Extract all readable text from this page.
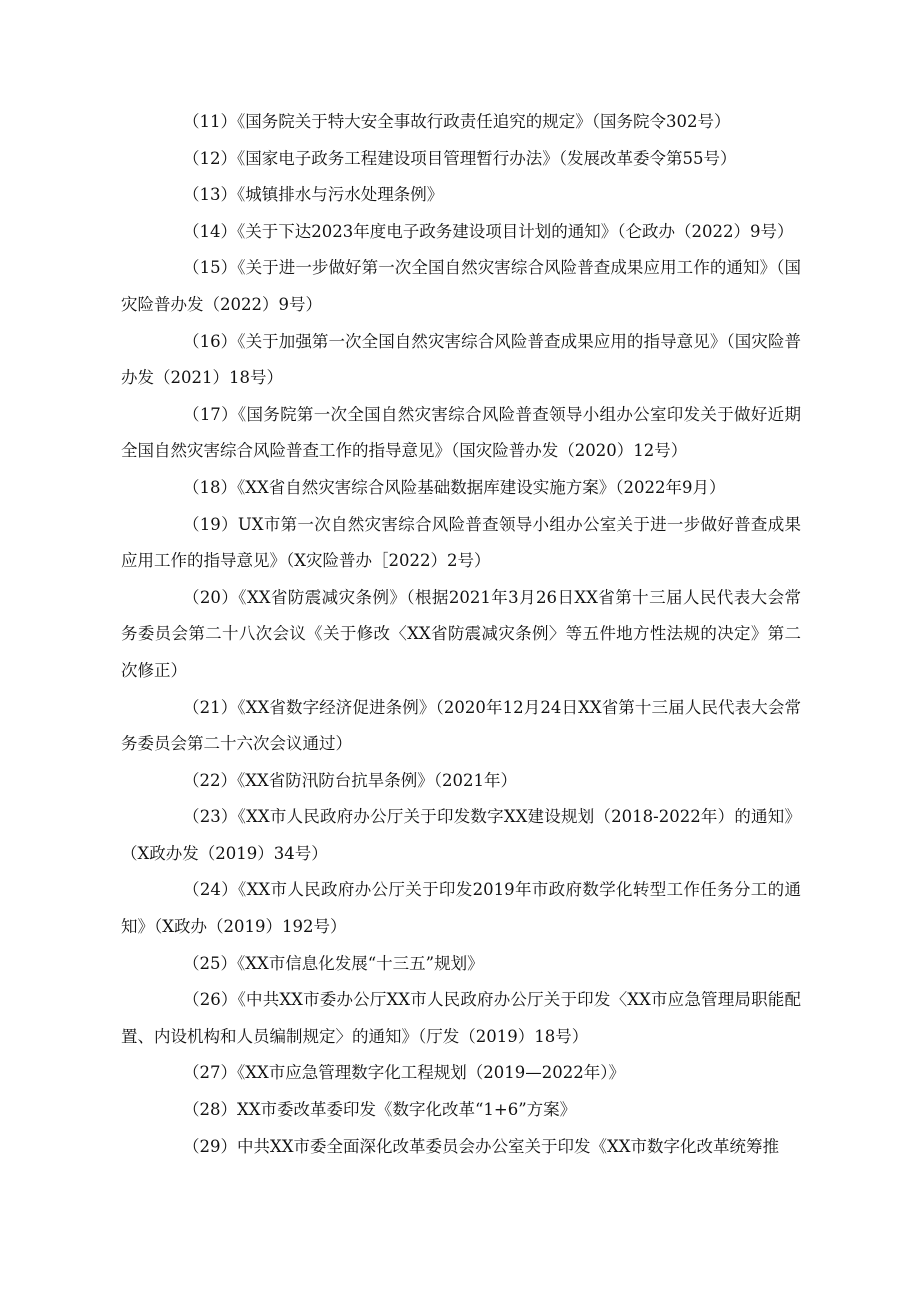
（11）《国务院关于特大安全事故行政责任追究的规定》（国务院令302号）

（12）《国家电子政务工程建设项目管理暂行办法》（发展改革委令第55号）

（13）《城镇排水与污水处理条例》

（14）《关于下达2023年度电子政务建设项目计划的通知》（仑政办（2022）9号）

（15）《关于进一步做好第一次全国自然灾害综合风险普查成果应用工作的通知》（国灾险普办发（2022）9号）

（16）《关于加强第一次全国自然灾害综合风险普查成果应用的指导意见》（国灾险普办发（2021）18号）

（17）《国务院第一次全国自然灾害综合风险普查领导小组办公室印发关于做好近期全国自然灾害综合风险普查工作的指导意见》（国灾险普办发（2020）12号）

（18）《XX省自然灾害综合风险基础数据库建设实施方案》（2022年9月）

（19）UX市第一次自然灾害综合风险普查领导小组办公室关于进一步做好普查成果应用工作的指导意见》（X灾险普办［2022）2号）

（20）《XX省防震减灾条例》（根据2021年3月26日XX省第十三届人民代表大会常务委员会第二十八次会议《关于修改〈XX省防震减灾条例〉等五件地方性法规的决定》第二次修正）

（21）《XX省数字经济促进条例》（2020年12月24日XX省第十三届人民代表大会常务委员会第二十六次会议通过）

（22）《XX省防汛防台抗旱条例》（2021年）

（23）《XX市人民政府办公厅关于印发数字XX建设规划（2018-2022年）的通知》（X政办发（2019）34号）

（24）《XX市人民政府办公厅关于印发2019年市政府数学化转型工作任务分工的通知》（X政办（2019）192号）

（25）《XX市信息化发展“十三五”规划》

（26）《中共XX市委办公厅XX市人民政府办公厅关于印发〈XX市应急管理局职能配置、内设机构和人员编制规定〉的通知》（厅发（2019）18号）

（27）《XX市应急管理数字化工程规划（2019—2022年）》

（28）XX市委改革委印发《数字化改革“1+6”方案》

（29）中共XX市委全面深化改革委员会办公室关于印发《XX市数字化改革统筹推
